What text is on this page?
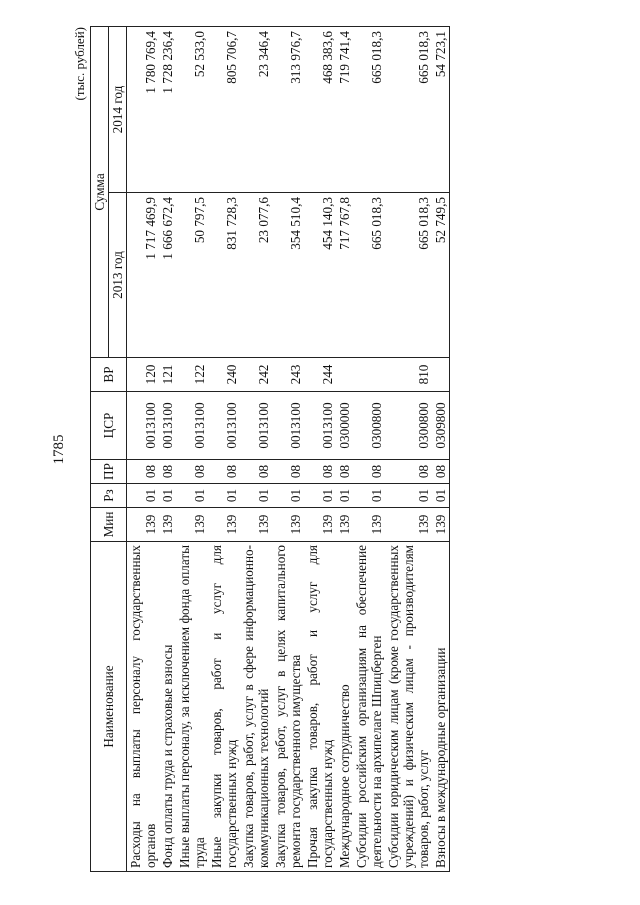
1785
(тыс. рублей)
Наименование	Мин	Рз	ПР	ЦСР	ВР	Сумма	
						2013 год	2014 год
Расходы на выплаты персоналу государственных органов	139	01	08	0013100	120	1 717 469,9	1 780 769,4
Фонд оплаты труда и страховые взносы	139	01	08	0013100	121	1 666 672,4	1 728 236,4
Иные выплаты персоналу, за исключением фонда оплаты труда	139	01	08	0013100	122	50 797,5	52 533,0
Иные закупки товаров, работ и услуг для государственных нужд	139	01	08	0013100	240	831 728,3	805 706,7
Закупка товаров, работ, услуг в сфере информационно-коммуникационных технологий	139	01	08	0013100	242	23 077,6	23 346,4
Закупка товаров, работ, услуг в целях капитального ремонта государственного имущества	139	01	08	0013100	243	354 510,4	313 976,7
Прочая закупка товаров, работ и услуг для государственных нужд	139	01	08	0013100	244	454 140,3	468 383,6
Международное сотрудничество	139	01	08	0300000		717 767,8	719 741,4
Субсидии российским организациям на обеспечение деятельности на архипелаге Шпицберген	139	01	08	0300800		665 018,3	665 018,3
Субсидии юридическим лицам (кроме государственных учреждений) и физическим лицам - производителям товаров, работ, услуг	139	01	08	0300800	810	665 018,3	665 018,3
Взносы в международные организации	139	01	08	0309800		52 749,5	54 723,1
